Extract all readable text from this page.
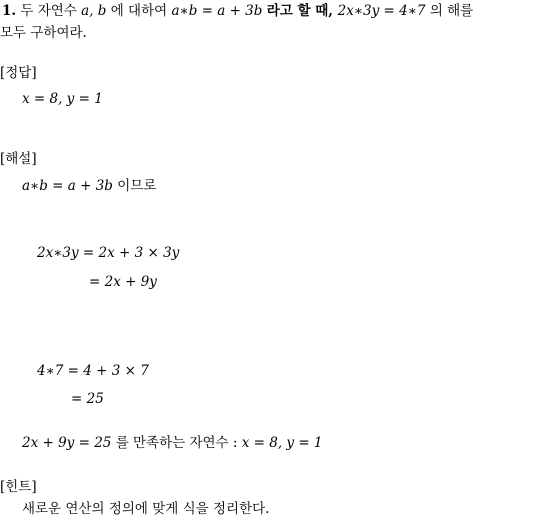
1. 두 자연수 a, b 에 대하여 a∗b = a + 3b 라고 할 때, 2x∗3y = 4∗7 의 해를
모두 구하여라.
[정답]
x = 8, y = 1
[해설]
a∗b = a + 3b 이므로
2x∗3y = 2x + 3 × 3y
= 2x + 9y
4∗7 = 4 + 3 × 7
= 25
2x + 9y = 25 를 만족하는 자연수 : x = 8, y = 1
[힌트]
새로운 연산의 정의에 맞게 식을 정리한다.
